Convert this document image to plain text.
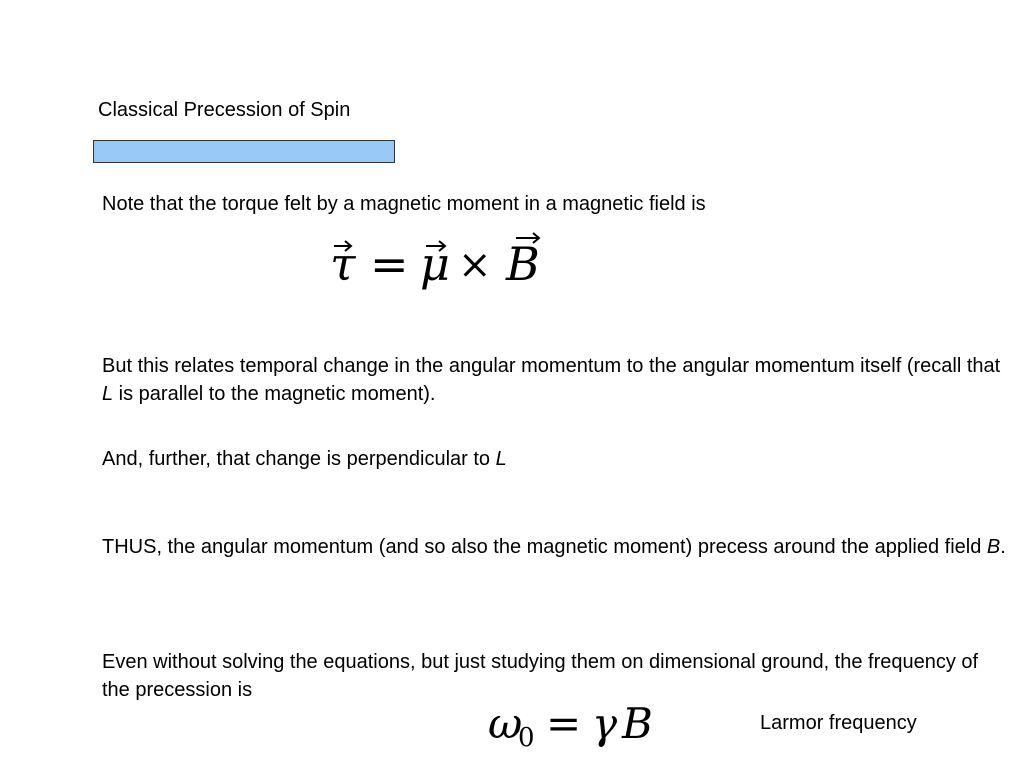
Classical Precession of Spin

Note that the torque felt by a magnetic moment in a magnetic field is

τ = μ × B

But this relates temporal change in the angular momentum to the angular momentum itself (recall that L is parallel to the magnetic moment).

And, further, that change is perpendicular to L

THUS, the angular momentum (and so also the magnetic moment) precess around the applied field B.

Even without solving the equations, but just studying them on dimensional ground, the frequency of the precession is

ω
0 = γ B	Larmor frequency
